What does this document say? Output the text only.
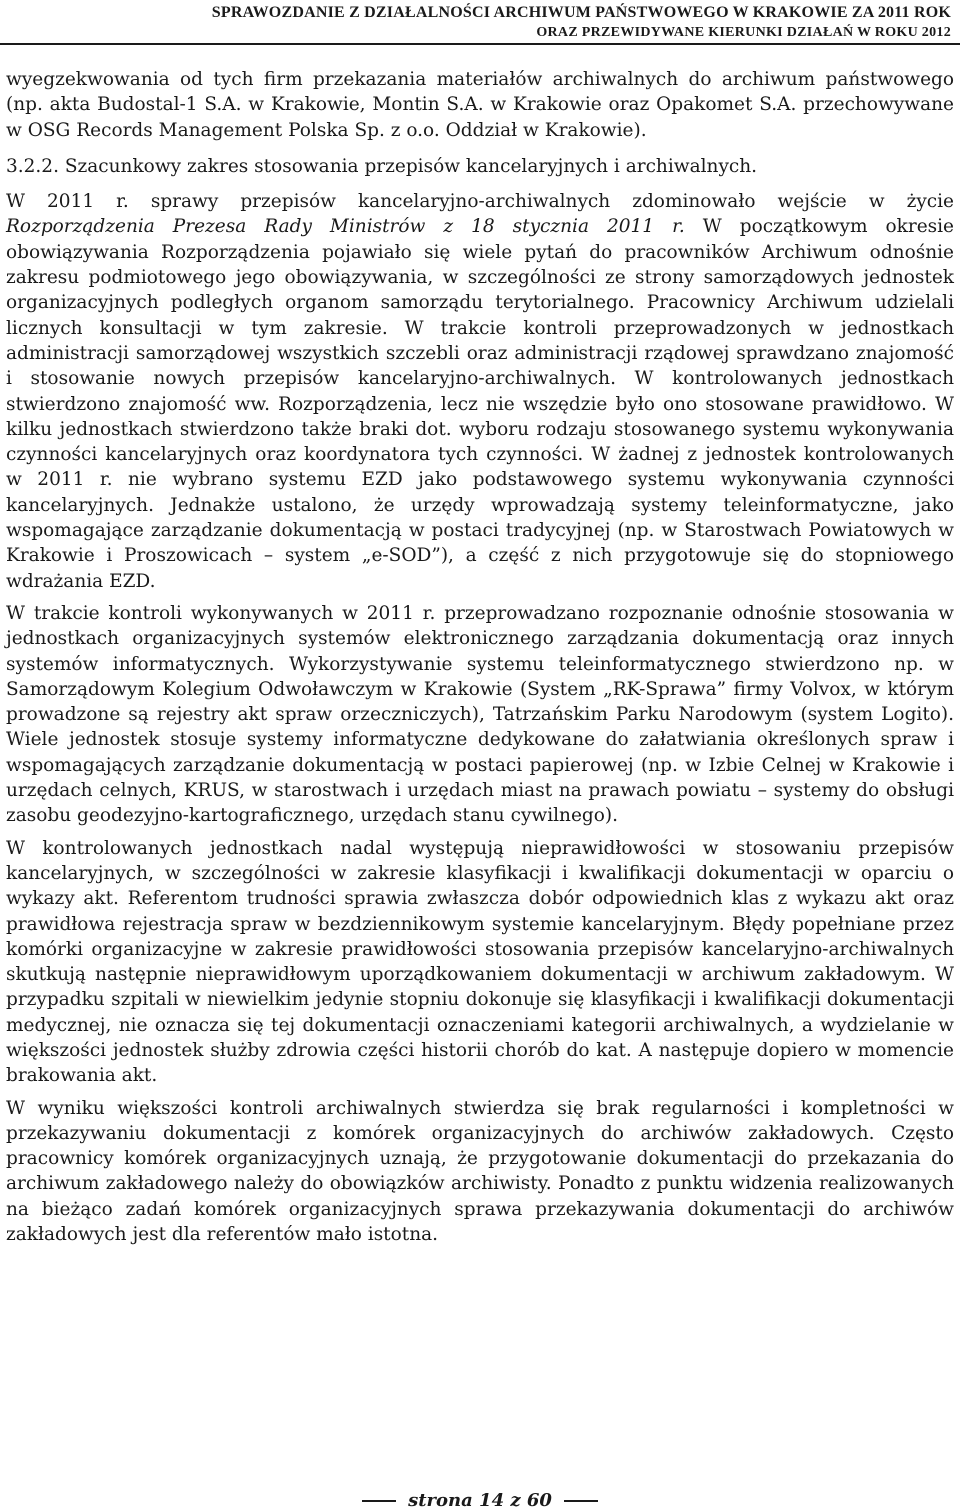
SPRAWOZDANIE Z DZIAŁALNOŚCI ARCHIWUM PAŃSTWOWEGO W KRAKOWIE ZA 2011 ROK
ORAZ PRZEWIDYWANE KIERUNKI DZIAŁAŃ W ROKU 2012

wyegzekwowania od tych firm przekazania materiałów archiwalnych do archiwum państwowego (np. akta Budostal-1 S.A. w Krakowie, Montin S.A. w Krakowie oraz Opakomet S.A. przechowywane w OSG Records Management Polska Sp. z o.o. Oddział w Krakowie).

3.2.2. Szacunkowy zakres stosowania przepisów kancelaryjnych i archiwalnych.

W 2011 r. sprawy przepisów kancelaryjno-archiwalnych zdominowało wejście w życie Rozporządzenia Prezesa Rady Ministrów z 18 stycznia 2011 r. W początkowym okresie obowiązywania Rozporządzenia pojawiało się wiele pytań do pracowników Archiwum odnośnie zakresu podmiotowego jego obowiązywania, w szczególności ze strony samorządowych jednostek organizacyjnych podległych organom samorządu terytorialnego. Pracownicy Archiwum udzielali licznych konsultacji w tym zakresie. W trakcie kontroli przeprowadzonych w jednostkach administracji samorządowej wszystkich szczebli oraz administracji rządowej sprawdzano znajomość i stosowanie nowych przepisów kancelaryjno-archiwalnych. W kontrolowanych jednostkach stwierdzono znajomość ww. Rozporządzenia, lecz nie wszędzie było ono stosowane prawidłowo. W kilku jednostkach stwierdzono także braki dot. wyboru rodzaju stosowanego systemu wykonywania czynności kancelaryjnych oraz koordynatora tych czynności. W żadnej z jednostek kontrolowanych w 2011 r. nie wybrano systemu EZD jako podstawowego systemu wykonywania czynności kancelaryjnych. Jednakże ustalono, że urzędy wprowadzają systemy teleinformatyczne, jako wspomagające zarządzanie dokumentacją w postaci tradycyjnej (np. w Starostwach Powiatowych w Krakowie i Proszowicach – system „e-SOD”), a część z nich przygotowuje się do stopniowego wdrażania EZD.

W trakcie kontroli wykonywanych w 2011 r. przeprowadzano rozpoznanie odnośnie stosowania w jednostkach organizacyjnych systemów elektronicznego zarządzania dokumentacją oraz innych systemów informatycznych. Wykorzystywanie systemu teleinformatycznego stwierdzono np. w Samorządowym Kolegium Odwoławczym w Krakowie (System „RK-Sprawa” firmy Volvox, w którym prowadzone są rejestry akt spraw orzeczniczych), Tatrzańskim Parku Narodowym (system Logito). Wiele jednostek stosuje systemy informatyczne dedykowane do załatwiania określonych spraw i wspomagających zarządzanie dokumentacją w postaci papierowej (np. w Izbie Celnej w Krakowie i urzędach celnych, KRUS, w starostwach i urzędach miast na prawach powiatu – systemy do obsługi zasobu geodezyjno-kartograficznego, urzędach stanu cywilnego).

W kontrolowanych jednostkach nadal występują nieprawidłowości w stosowaniu przepisów kancelaryjnych, w szczególności w zakresie klasyfikacji i kwalifikacji dokumentacji w oparciu o wykazy akt. Referentom trudności sprawia zwłaszcza dobór odpowiednich klas z wykazu akt oraz prawidłowa rejestracja spraw w bezdziennikowym systemie kancelaryjnym. Błędy popełniane przez komórki organizacyjne w zakresie prawidłowości stosowania przepisów kancelaryjno-archiwalnych skutkują następnie nieprawidłowym uporządkowaniem dokumentacji w archiwum zakładowym. W przypadku szpitali w niewielkim jedynie stopniu dokonuje się klasyfikacji i kwalifikacji dokumentacji medycznej, nie oznacza się tej dokumentacji oznaczeniami kategorii archiwalnych, a wydzielanie w większości jednostek służby zdrowia części historii chorób do kat. A następuje dopiero w momencie brakowania akt.

W wyniku większości kontroli archiwalnych stwierdza się brak regularności i kompletności w przekazywaniu dokumentacji z komórek organizacyjnych do archiwów zakładowych. Często pracownicy komórek organizacyjnych uznają, że przygotowanie dokumentacji do przekazania do archiwum zakładowego należy do obowiązków archiwisty. Ponadto z punktu widzenia realizowanych na bieżąco zadań komórek organizacyjnych sprawa przekazywania dokumentacji do archiwów zakładowych jest dla referentów mało istotna.

strona 14 z 60
